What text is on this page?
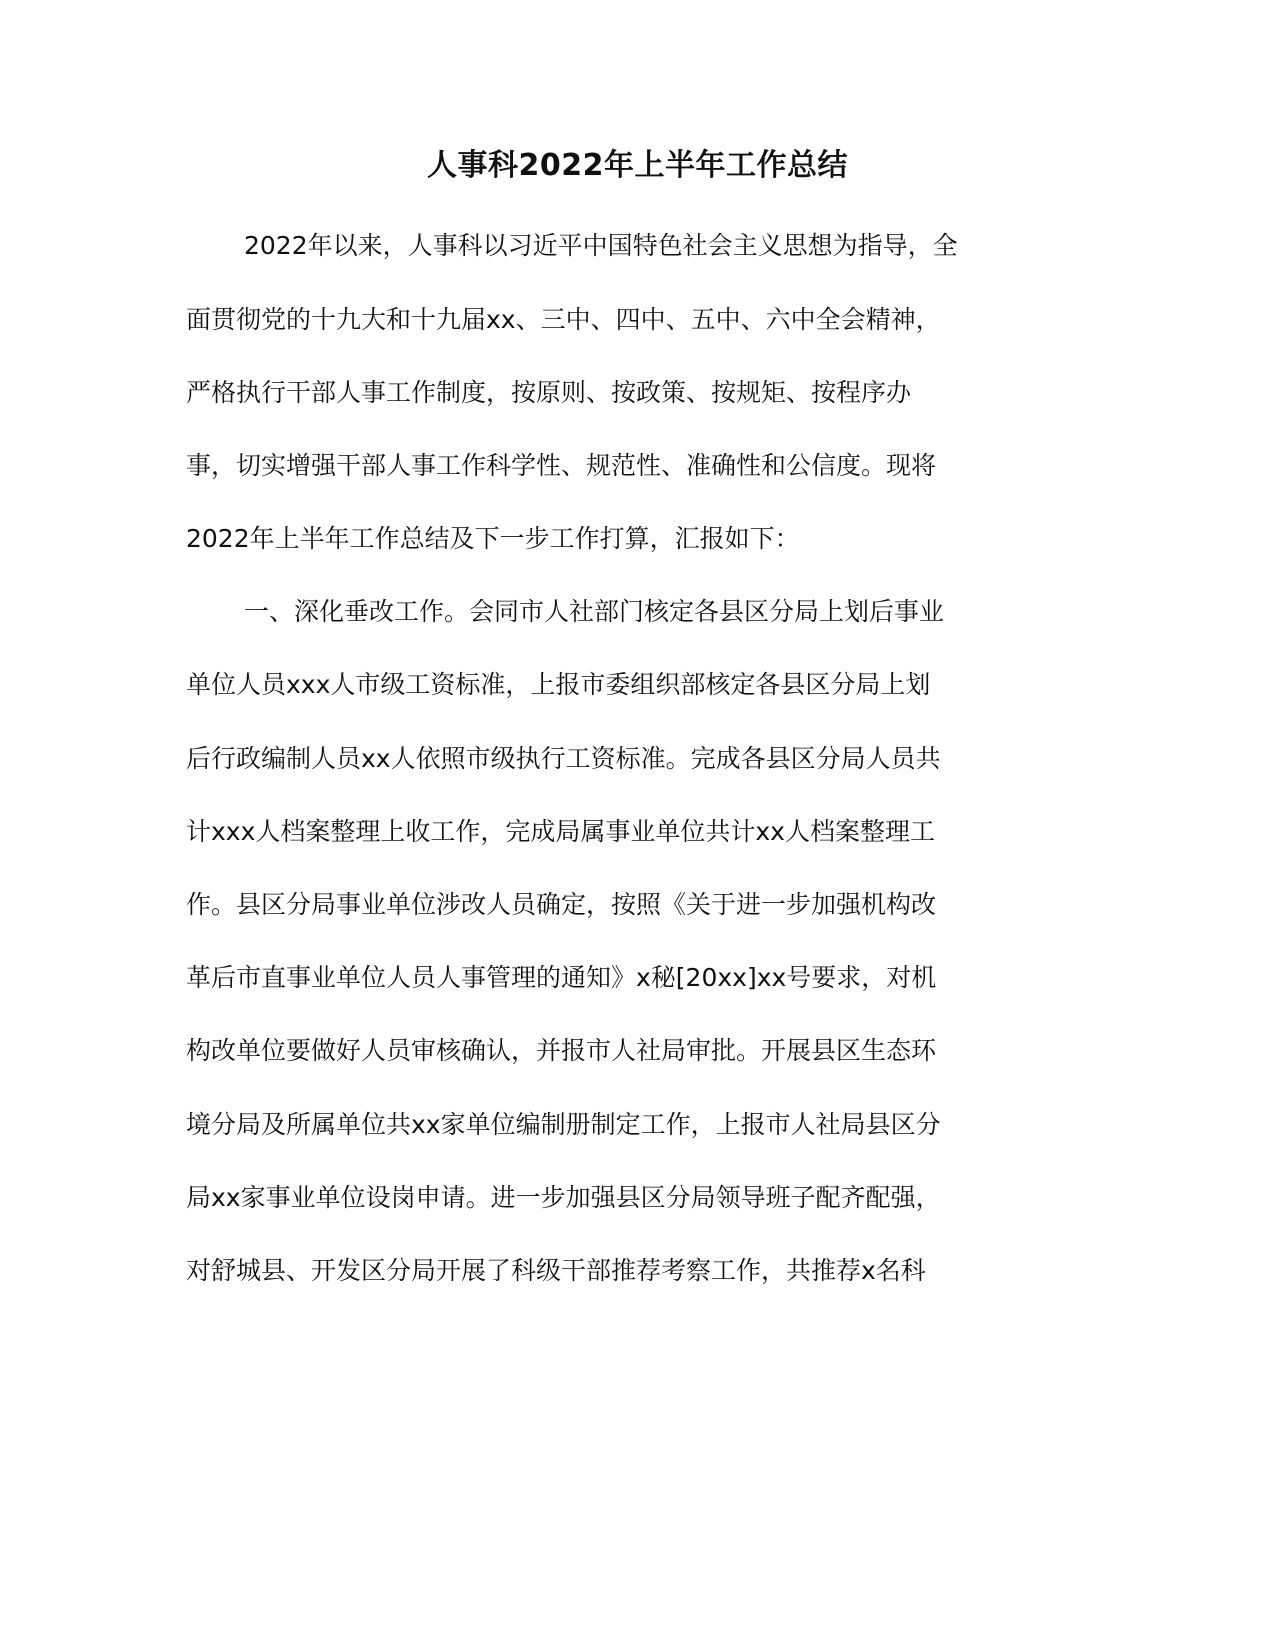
人事科2022年上半年工作总结

2022年以来，人事科以习近平中国特色社会主义思想为指导，全

面贯彻党的十九大和十九届xx、三中、四中、五中、六中全会精神，

严格执行干部人事工作制度，按原则、按政策、按规矩、按程序办

事，切实增强干部人事工作科学性、规范性、准确性和公信度。现将

2022年上半年工作总结及下一步工作打算，汇报如下：

一、深化垂改工作。会同市人社部门核定各县区分局上划后事业

单位人员xxx人市级工资标准，上报市委组织部核定各县区分局上划

后行政编制人员xx人依照市级执行工资标准。完成各县区分局人员共

计xxx人档案整理上收工作，完成局属事业单位共计xx人档案整理工

作。县区分局事业单位涉改人员确定，按照《关于进一步加强机构改

革后市直事业单位人员人事管理的通知》x秘[20xx]xx号要求，对机

构改单位要做好人员审核确认，并报市人社局审批。开展县区生态环

境分局及所属单位共xx家单位编制册制定工作，上报市人社局县区分

局xx家事业单位设岗申请。进一步加强县区分局领导班子配齐配强，

对舒城县、开发区分局开展了科级干部推荐考察工作，共推荐x名科
